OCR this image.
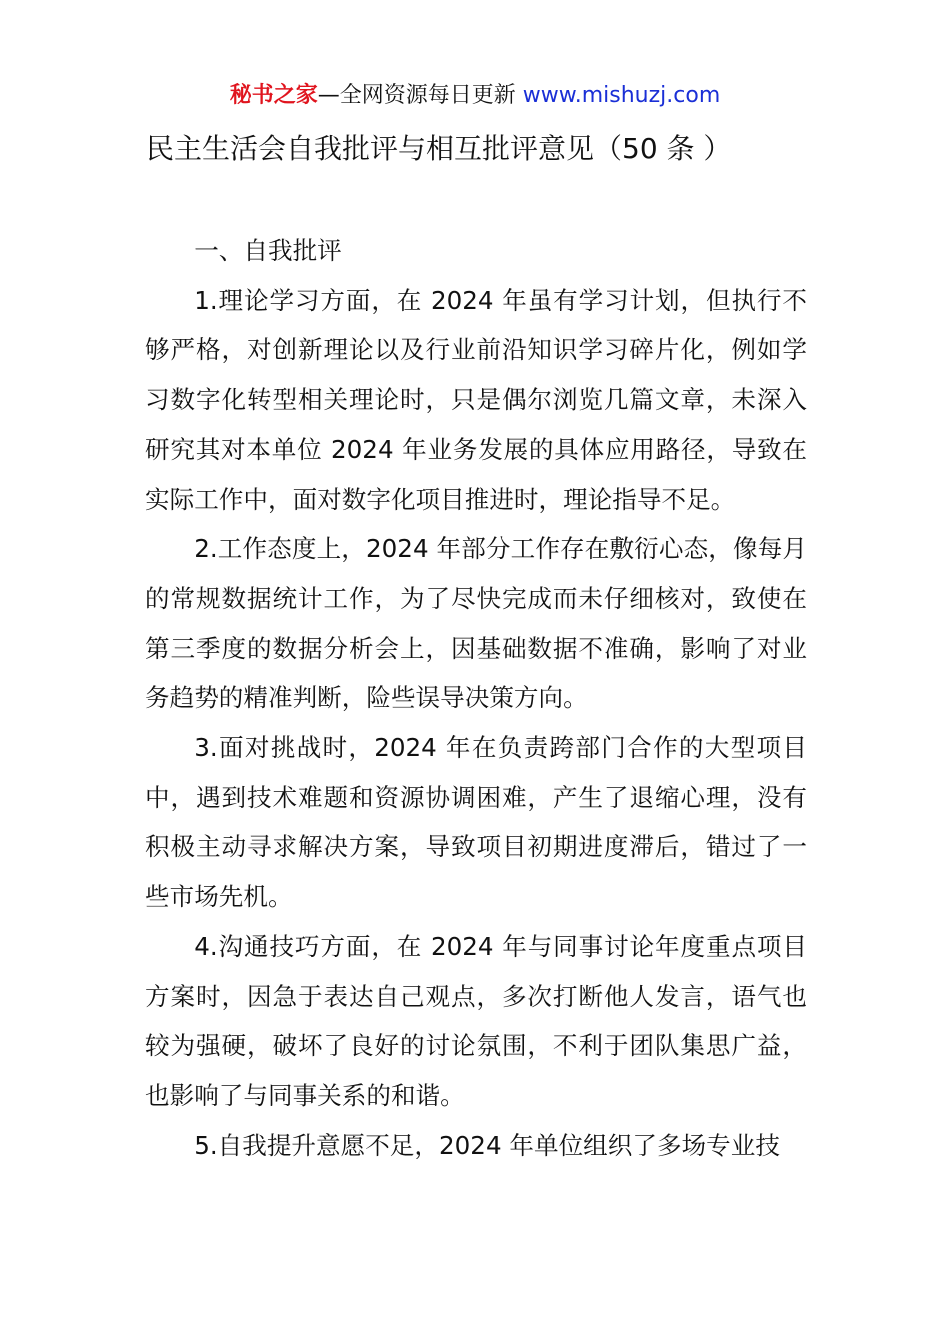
秘书之家—全网资源每日更新 www.mishuzj.com
民主生活会自我批评与相互批评意见（50 条 ）

一、自我批评

1.理论学习方面，在 2024 年虽有学习计划，但执行不够严格，对创新理论以及行业前沿知识学习碎片化，例如学习数字化转型相关理论时，只是偶尔浏览几篇文章，未深入研究其对本单位 2024 年业务发展的具体应用路径，导致在实际工作中，面对数字化项目推进时，理论指导不足。

2.工作态度上，2024 年部分工作存在敷衍心态，像每月的常规数据统计工作，为了尽快完成而未仔细核对，致使在第三季度的数据分析会上，因基础数据不准确，影响了对业务趋势的精准判断，险些误导决策方向。

3.面对挑战时，2024 年在负责跨部门合作的大型项目中，遇到技术难题和资源协调困难，产生了退缩心理，没有积极主动寻求解决方案，导致项目初期进度滞后，错过了一些市场先机。

4.沟通技巧方面，在 2024 年与同事讨论年度重点项目方案时，因急于表达自己观点，多次打断他人发言，语气也较为强硬，破坏了良好的讨论氛围，不利于团队集思广益，也影响了与同事关系的和谐。

5.自我提升意愿不足，2024 年单位组织了多场专业技
